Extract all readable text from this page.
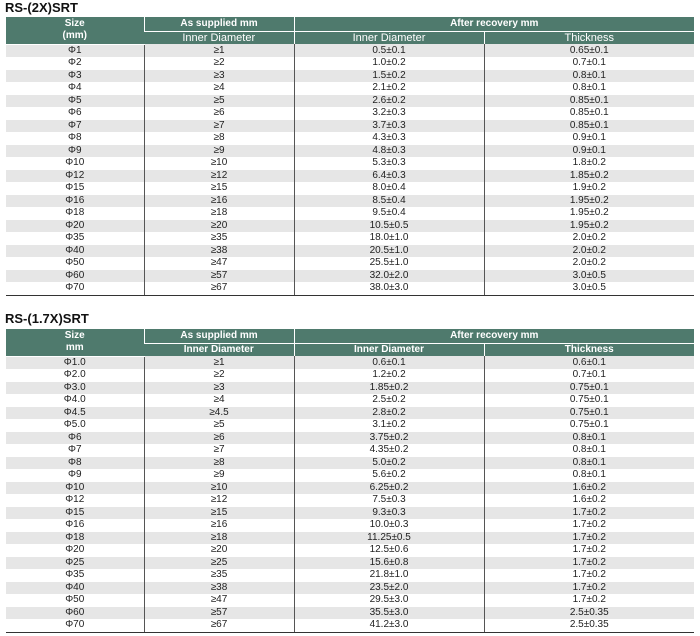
RS-(2X)SRT
Size
(mm)	As supplied mm	After recovery mm	
	Inner Diameter	Inner Diameter	Thickness
Φ1	≥1	0.5±0.1	0.65±0.1
Φ2	≥2	1.0±0.2	0.7±0.1
Φ3	≥3	1.5±0.2	0.8±0.1
Φ4	≥4	2.1±0.2	0.8±0.1
Φ5	≥5	2.6±0.2	0.85±0.1
Φ6	≥6	3.2±0.3	0.85±0.1
Φ7	≥7	3.7±0.3	0.85±0.1
Φ8	≥8	4.3±0.3	0.9±0.1
Φ9	≥9	4.8±0.3	0.9±0.1
Φ10	≥10	5.3±0.3	1.8±0.2
Φ12	≥12	6.4±0.3	1.85±0.2
Φ15	≥15	8.0±0.4	1.9±0.2
Φ16	≥16	8.5±0.4	1.95±0.2
Φ18	≥18	9.5±0.4	1.95±0.2
Φ20	≥20	10.5±0.5	1.95±0.2
Φ35	≥35	18.0±1.0	2.0±0.2
Φ40	≥38	20.5±1.0	2.0±0.2
Φ50	≥47	25.5±1.0	2.0±0.2
Φ60	≥57	32.0±2.0	3.0±0.5
Φ70	≥67	38.0±3.0	3.0±0.5
RS-(1.7X)SRT
Size
mm	As supplied mm	After recovery mm	
	Inner Diameter	Inner Diameter	Thickness
Φ1.0	≥1	0.6±0.1	0.6±0.1
Φ2.0	≥2	1.2±0.2	0.7±0.1
Φ3.0	≥3	1.85±0.2	0.75±0.1
Φ4.0	≥4	2.5±0.2	0.75±0.1
Φ4.5	≥4.5	2.8±0.2	0.75±0.1
Φ5.0	≥5	3.1±0.2	0.75±0.1
Φ6	≥6	3.75±0.2	0.8±0.1
Φ7	≥7	4.35±0.2	0.8±0.1
Φ8	≥8	5.0±0.2	0.8±0.1
Φ9	≥9	5.6±0.2	0.8±0.1
Φ10	≥10	6.25±0.2	1.6±0.2
Φ12	≥12	7.5±0.3	1.6±0.2
Φ15	≥15	9.3±0.3	1.7±0.2
Φ16	≥16	10.0±0.3	1.7±0.2
Φ18	≥18	11.25±0.5	1.7±0.2
Φ20	≥20	12.5±0.6	1.7±0.2
Φ25	≥25	15.6±0.8	1.7±0.2
Φ35	≥35	21.8±1.0	1.7±0.2
Φ40	≥38	23.5±2.0	1.7±0.2
Φ50	≥47	29.5±3.0	1.7±0.2
Φ60	≥57	35.5±3.0	2.5±0.35
Φ70	≥67	41.2±3.0	2.5±0.35
